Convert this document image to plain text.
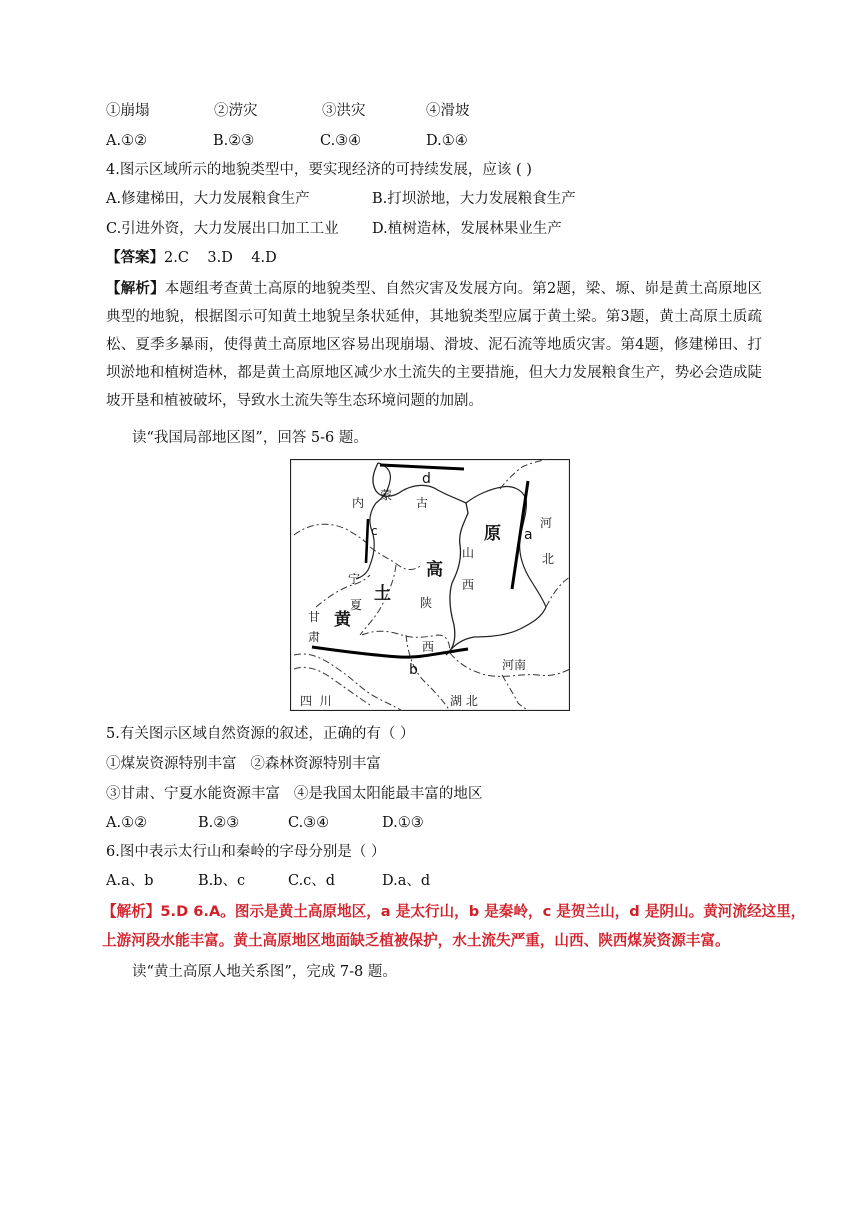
①崩塌	②涝灾	③洪灾	④滑坡
A.①②	B.②③	C.③④	D.①④
4.图示区域所示的地貌类型中，要实现经济的可持续发展，应该 ( )
A.修建梯田，大力发展粮食生产	B.打坝淤地，大力发展粮食生产
C.引进外资，大力发展出口加工工业 D.植树造林，发展林果业生产
【答案】2.C    3.D    4.D
【解析】本题组考查黄土高原的地貌类型、自然灾害及发展方向。第2题，梁、塬、峁是黄土高原地区典型的地貌，根据图示可知黄土地貌呈条状延伸，其地貌类型应属于黄土梁。第3题，黄土高原土质疏松、夏季多暴雨，使得黄土高原地区容易出现崩塌、滑坡、泥石流等地质灾害。第4题，修建梯田、打坝淤地和植树造林，都是黄土高原地区减少水土流失的主要措施，但大力发展粮食生产，势必会造成陡坡开垦和植被破坏，导致水土流失等生态环境问题的加剧。
读“我国局部地区图”，回答 5-6 题。
d
c	a
b
内
蒙
古
原
高
土
黄
山
西
陕
西
宁
夏
甘
肃
河
北
河南
湖 北
四  川
5.有关图示区域自然资源的叙述，正确的有（ ）
①煤炭资源特别丰富   ②森林资源特别丰富
③甘肃、宁夏水能资源丰富   ④是我国太阳能最丰富的地区
A.①②	B.②③	C.③④	D.①③
6.图中表示太行山和秦岭的字母分别是（ ）
A.a、b	B.b、c	C.c、d	D.a、d
【解析】5.D 6.A。图示是黄土高原地区，a 是太行山，b 是秦岭，c 是贺兰山，d 是阴山。黄河流经这里，
上游河段水能丰富。黄土高原地区地面缺乏植被保护，水土流失严重，山西、陕西煤炭资源丰富。
读“黄土高原人地关系图”，完成 7-8 题。
